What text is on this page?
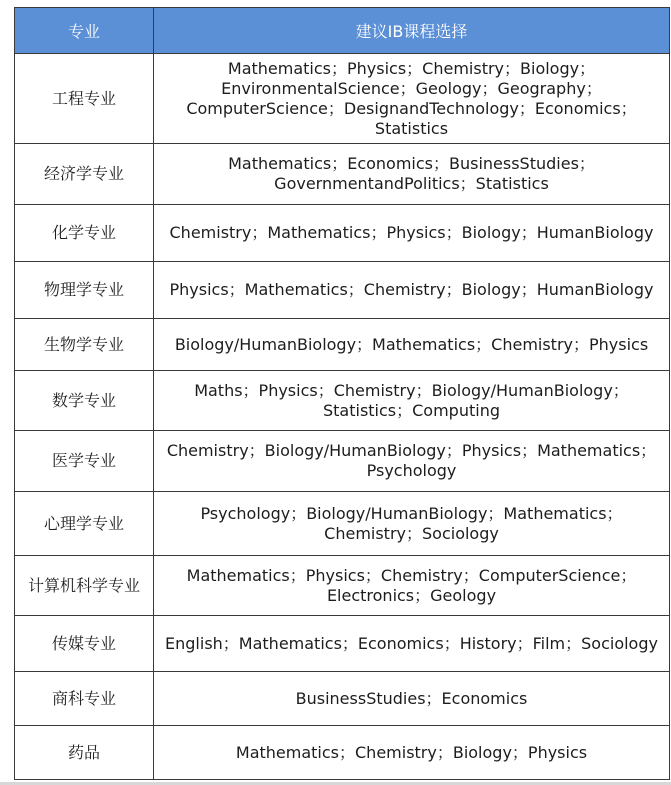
专业	建议IB课程选择
工程专业	Mathematics；Physics；Chemistry；Biology；EnvironmentalScience；Geology；Geography；ComputerScience；DesignandTechnology；Economics；Statistics
经济学专业	Mathematics；Economics；BusinessStudies；GovernmentandPolitics；Statistics
化学专业	Chemistry；Mathematics；Physics；Biology；HumanBiology
物理学专业	Physics；Mathematics；Chemistry；Biology；HumanBiology
生物学专业	Biology/HumanBiology；Mathematics；Chemistry；Physics
数学专业	Maths；Physics；Chemistry；Biology/HumanBiology；Statistics；Computing
医学专业	Chemistry；Biology/HumanBiology；Physics；Mathematics；Psychology
心理学专业	Psychology；Biology/HumanBiology；Mathematics；Chemistry；Sociology
计算机科学专业	Mathematics；Physics；Chemistry；ComputerScience；Electronics；Geology
传媒专业	English；Mathematics；Economics；History；Film；Sociology
商科专业	BusinessStudies；Economics
药品	Mathematics；Chemistry；Biology；Physics
